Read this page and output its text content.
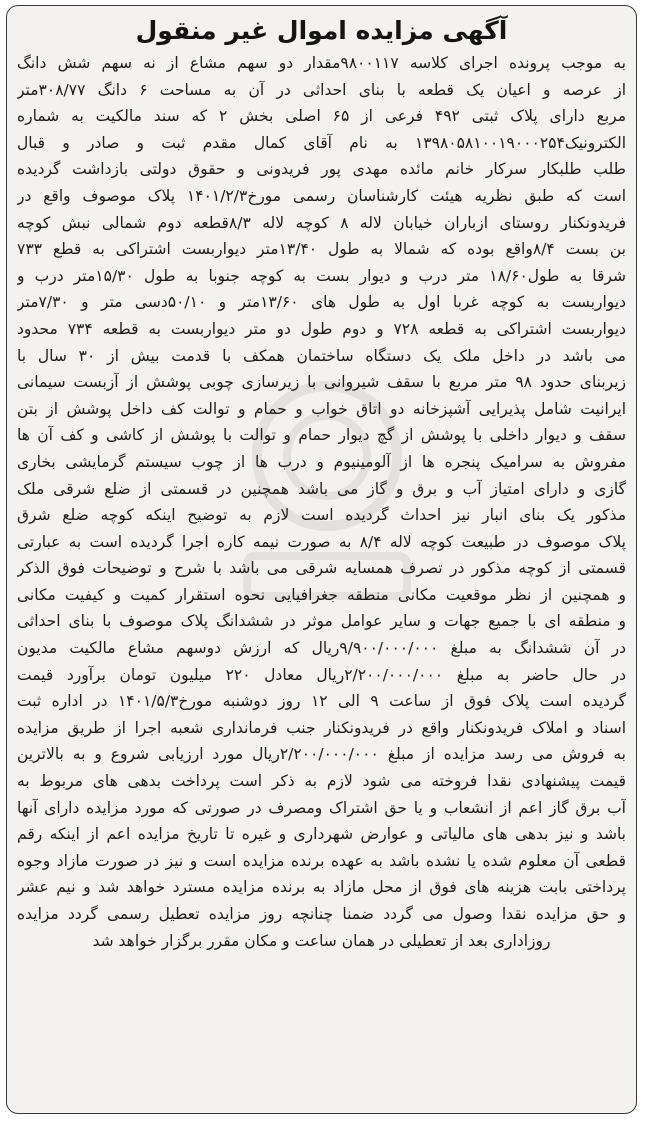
آگهی مزایده اموال غیر منقول
به موجب پرونده اجرای کلاسه ۹۸۰۰۱۱۷مقدار دو سهم مشاع از نه سهم شش دانگ
از عرصه و اعیان یک قطعه با بنای احداثی در آن به مساحت ۶ دانگ ۳۰۸/۷۷متر
مربع دارای پلاک ثبتی ۴۹۲ فرعی از ۶۵ اصلی بخش ۲ که سند مالکیت به شماره
الکترونیک۱۳۹۸۰۵۸۱۰۰۱۹۰۰۰۲۵۴ به نام آقای کمال مقدم ثبت و صادر و قبال
طلب طلبکار سرکار خانم مائده مهدی پور فریدونی و حقوق دولتی بازداشت گردیده
است که طبق نظریه هیئت کارشناسان رسمی مورخ۱۴۰۱/۲/۳ پلاک موصوف واقع در
فریدونکنار روستای ازباران خیابان لاله ۸ کوچه لاله ۸/۳قطعه دوم شمالی نبش کوچه
بن بست ۸/۴واقع بوده که شمالا به طول ۱۳/۴۰متر دیواربست اشتراکی به قطع ۷۳۳
شرقا به طول۱۸/۶۰ متر درب و دیوار بست به کوچه جنوبا به طول ۱۵/۳۰متر درب و
دیواربست به کوچه غربا اول به طول های ۱۳/۶۰متر و ۵۰/۱۰دسی متر و ۷/۳۰متر
دیواربست اشتراکی به قطعه ۷۲۸ و دوم طول دو متر دیواربست به قطعه ۷۳۴ محدود
می باشد در داخل ملک یک دستگاه ساختمان همکف با قدمت بیش از ۳۰ سال با
زیربنای حدود ۹۸ متر مربع با سقف شیروانی با زیرسازی چوبی پوشش از آزبست سیمانی
ایرانیت شامل پذیرایی آشپزخانه دو اتاق خواب و حمام و توالت کف داخل پوشش از بتن
سقف و دیوار داخلی با پوشش از گچ دیوار حمام و توالت با پوشش از کاشی و کف آن ها
مفروش به سرامیک پنجره ها از آلومینیوم و درب ها از چوب سیستم گرمایشی بخاری
گازی و دارای امتیاز آب و برق و گاز می باشد همچنین در قسمتی از ضلع شرقی ملک
مذکور یک بنای انبار نیز احداث گردیده است لازم به توضیح اینکه کوچه ضلع شرق
پلاک موصوف در طبیعت کوچه لاله ۸/۴ به صورت نیمه کاره اجرا گردیده است به عبارتی
قسمتی از کوچه مذکور در تصرف همسایه شرقی می باشد با شرح و توضیحات فوق الذکر
و همچنین از نظر موقعیت مکانی منطقه جغرافیایی نحوه استقرار کمیت و کیفیت مکانی
و منطقه ای با جمیع جهات و سایر عوامل موثر در ششدانگ پلاک موصوف با بنای احداثی
در آن ششدانگ به مبلغ ۹/۹۰۰/۰۰۰/۰۰۰ریال که ارزش دوسهم مشاع مالکیت مدیون
در حال حاضر به مبلغ ۲/۲۰۰/۰۰۰/۰۰۰ریال معادل ۲۲۰ میلیون تومان برآورد قیمت
گردیده است پلاک فوق از ساعت ۹ الی ۱۲ روز دوشنبه مورخ۱۴۰۱/۵/۳ در اداره ثبت
اسناد و املاک فریدونکنار واقع در فریدونکنار جنب فرمانداری شعبه اجرا از طریق مزایده
به فروش می رسد مزایده از مبلغ ۲/۲۰۰/۰۰۰/۰۰۰ریال مورد ارزیابی شروع و به بالاترین
قیمت پیشنهادی نقدا فروخته می شود لازم به ذکر است پرداخت بدهی های مربوط به
آب برق گاز اعم از انشعاب و یا حق اشتراک ومصرف در صورتی که مورد مزایده دارای آنها
باشد و نیز بدهی های مالیاتی و عوارض شهرداری و غیره تا تاریخ مزایده اعم از اینکه رقم
قطعی آن معلوم شده یا نشده باشد به عهده برنده مزایده است و نیز در صورت مازاد وجوه
پرداختی بابت هزینه های فوق از محل مازاد به برنده مزایده مسترد خواهد شد و نیم عشر
و حق مزایده نقدا وصول می گردد ضمنا چنانچه روز مزایده تعطیل رسمی گردد مزایده
روزاداری بعد از تعطیلی در همان ساعت و مکان مقرر برگزار خواهد شد
